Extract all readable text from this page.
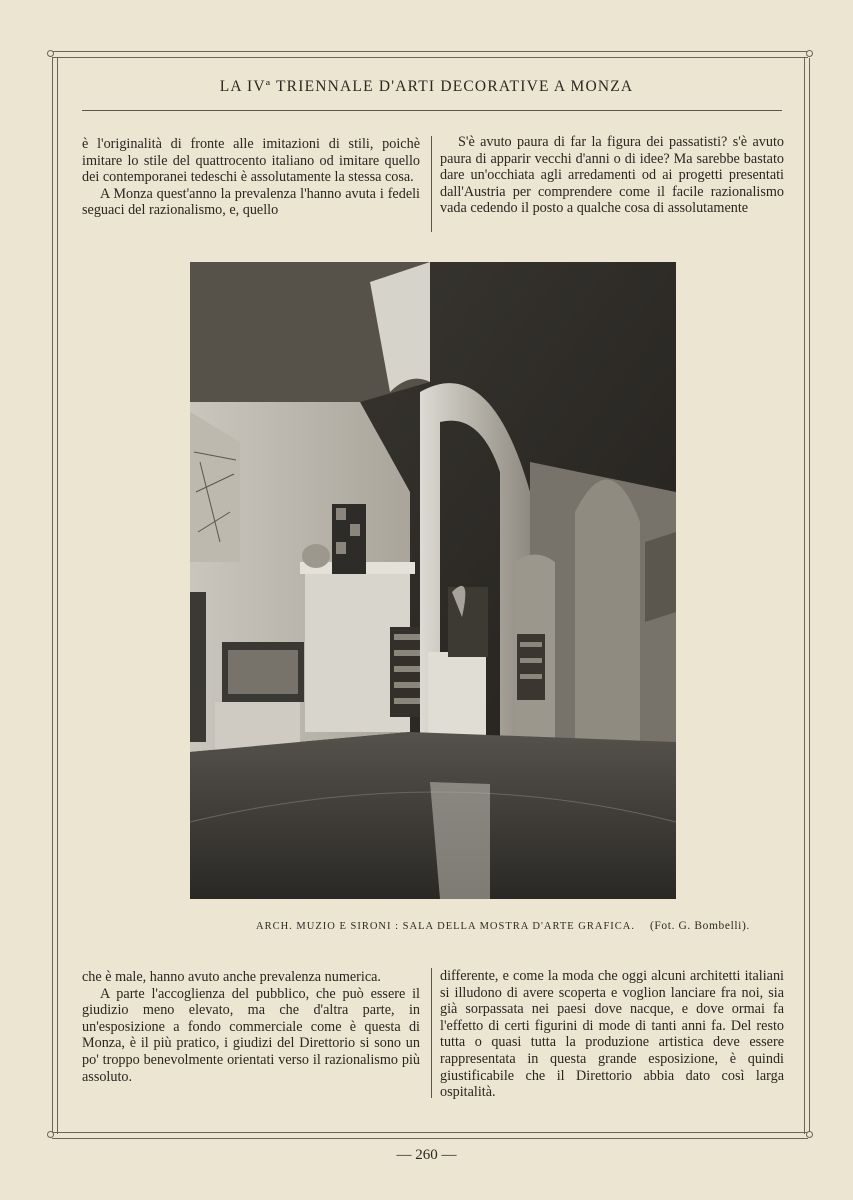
LA IVª TRIENNALE D'ARTI DECORATIVE A MONZA

è l'originalità di fronte alle imitazioni di stili, poichè imitare lo stile del quattrocento italiano od imitare quello dei contemporanei tedeschi è assolutamente la stessa cosa.

A Monza quest'anno la prevalenza l'hanno avuta i fedeli seguaci del razionalismo, e, quello

S'è avuto paura di far la figura dei passatisti? s'è avuto paura di apparir vecchi d'anni o di idee? Ma sarebbe bastato dare un'occhiata agli arredamenti od ai progetti presentati dall'Austria per comprendere come il facile razionalismo vada cedendo il posto a qualche cosa di assolutamente

ARCH. MUZIO E SIRONI : SALA DELLA MOSTRA D'ARTE GRAFICA. (Fot. G. Bombelli).

che è male, hanno avuto anche prevalenza numerica.

A parte l'accoglienza del pubblico, che può essere il giudizio meno elevato, ma che d'altra parte, in un'esposizione a fondo commerciale come è questa di Monza, è il più pratico, i giudizi del Direttorio si sono un po' troppo benevolmente orientati verso il razionalismo più assoluto.

differente, e come la moda che oggi alcuni architetti italiani si illudono di avere scoperta e voglion lanciare fra noi, sia già sorpassata nei paesi dove nacque, e dove ormai fa l'effetto di certi figurini di mode di tanti anni fa. Del resto tutta o quasi tutta la produzione artistica deve essere rappresentata in questa grande esposizione, è quindi giustificabile che il Direttorio abbia dato così larga ospitalità.

— 260 —
